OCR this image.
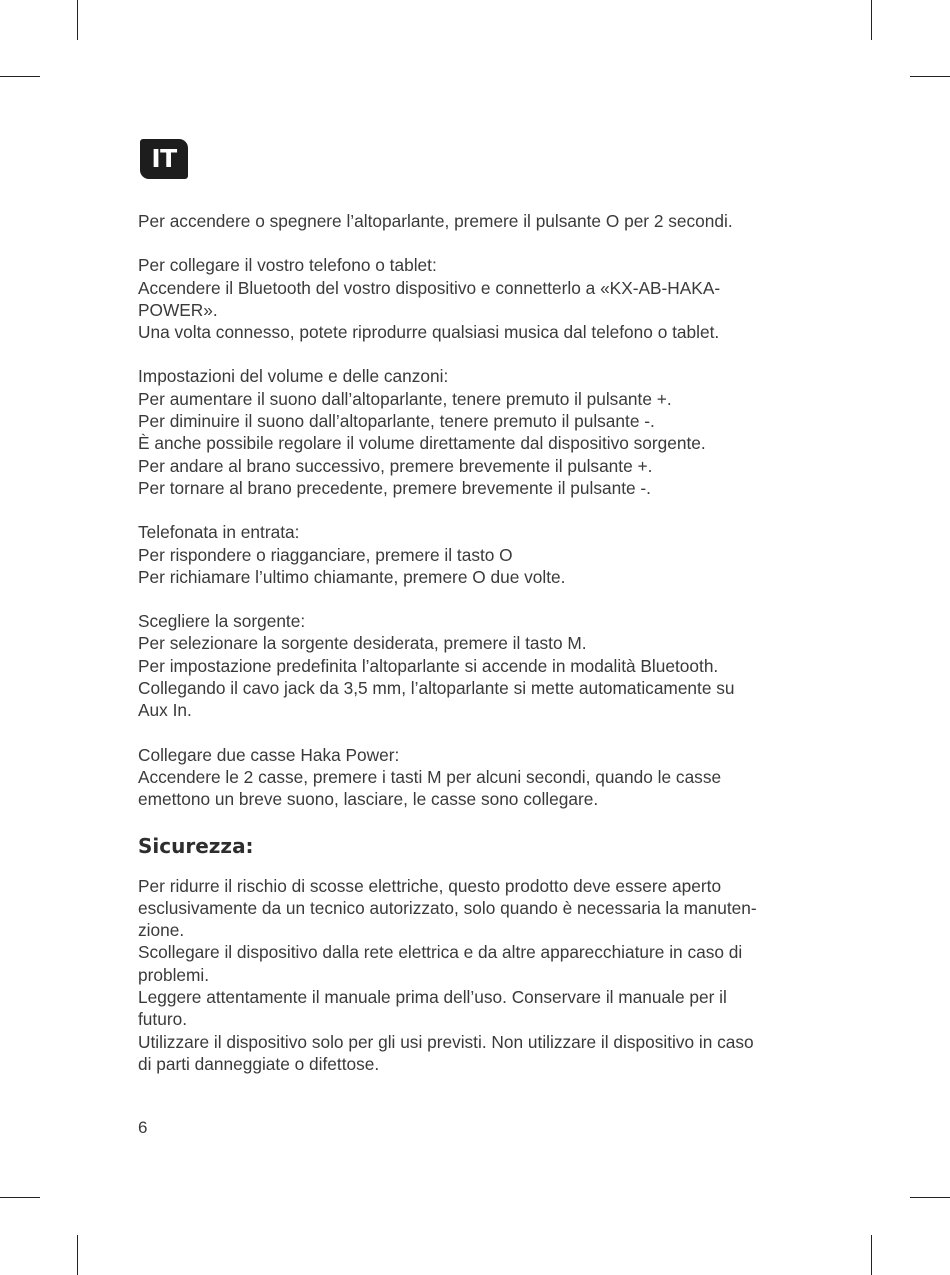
IT
Per accendere o spegnere l’altoparlante, premere il pulsante O per 2 secondi.
Per collegare il vostro telefono o tablet:
Accendere il Bluetooth del vostro dispositivo e connetterlo a «KX-AB-HAKA-
POWER».
Una volta connesso, potete riprodurre qualsiasi musica dal telefono o tablet.
Impostazioni del volume e delle canzoni:
Per aumentare il suono dall’altoparlante, tenere premuto il pulsante +.
Per diminuire il suono dall’altoparlante, tenere premuto il pulsante -.
È anche possibile regolare il volume direttamente dal dispositivo sorgente.
Per andare al brano successivo, premere brevemente il pulsante +.
Per tornare al brano precedente, premere brevemente il pulsante -.
Telefonata in entrata:
Per rispondere o riagganciare, premere il tasto O
Per richiamare l’ultimo chiamante, premere O due volte.
Scegliere la sorgente:
Per selezionare la sorgente desiderata, premere il tasto M.
Per impostazione predefinita l’altoparlante si accende in modalità Bluetooth.
Collegando il cavo jack da 3,5 mm, l’altoparlante si mette automaticamente su
Aux In.
Collegare due casse Haka Power:
Accendere le 2 casse, premere i tasti M per alcuni secondi, quando le casse
emettono un breve suono, lasciare, le casse sono collegare.
Sicurezza:
Per ridurre il rischio di scosse elettriche, questo prodotto deve essere aperto
esclusivamente da un tecnico autorizzato, solo quando è necessaria la manuten-
zione.
Scollegare il dispositivo dalla rete elettrica e da altre apparecchiature in caso di
problemi.
Leggere attentamente il manuale prima dell’uso. Conservare il manuale per il
futuro.
Utilizzare il dispositivo solo per gli usi previsti. Non utilizzare il dispositivo in caso
di parti danneggiate o difettose.
6
